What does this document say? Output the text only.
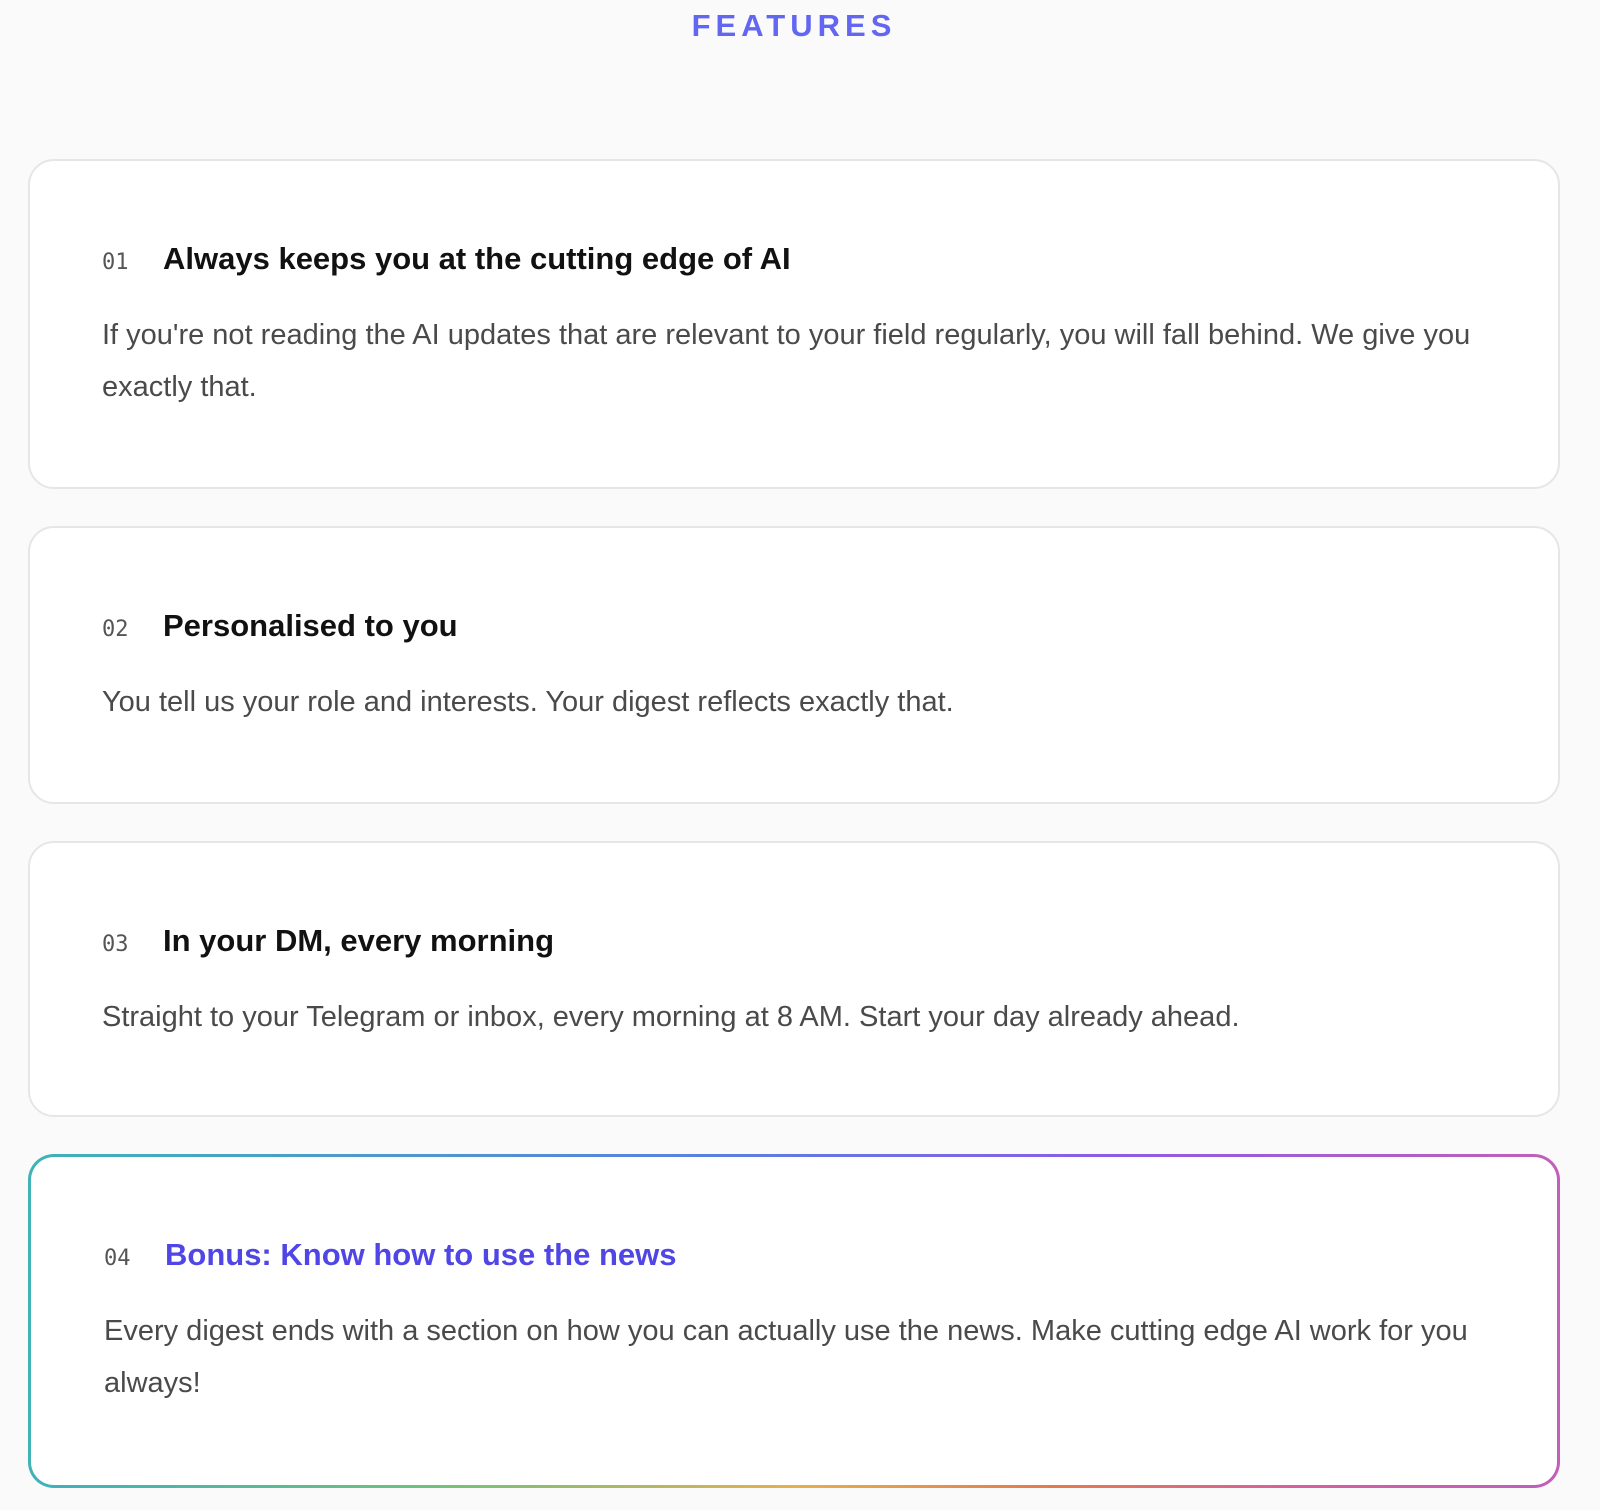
FEATURES
01	Always keeps you at the cutting edge of AI

If you're not reading the AI updates that are relevant to your field regularly, you will fall behind. We give you exactly that.

02	Personalised to you

You tell us your role and interests. Your digest reflects exactly that.

03	In your DM, every morning

Straight to your Telegram or inbox, every morning at 8 AM. Start your day already ahead.

04	Bonus: Know how to use the news

Every digest ends with a section on how you can actually use the news. Make cutting edge AI work for you always!
